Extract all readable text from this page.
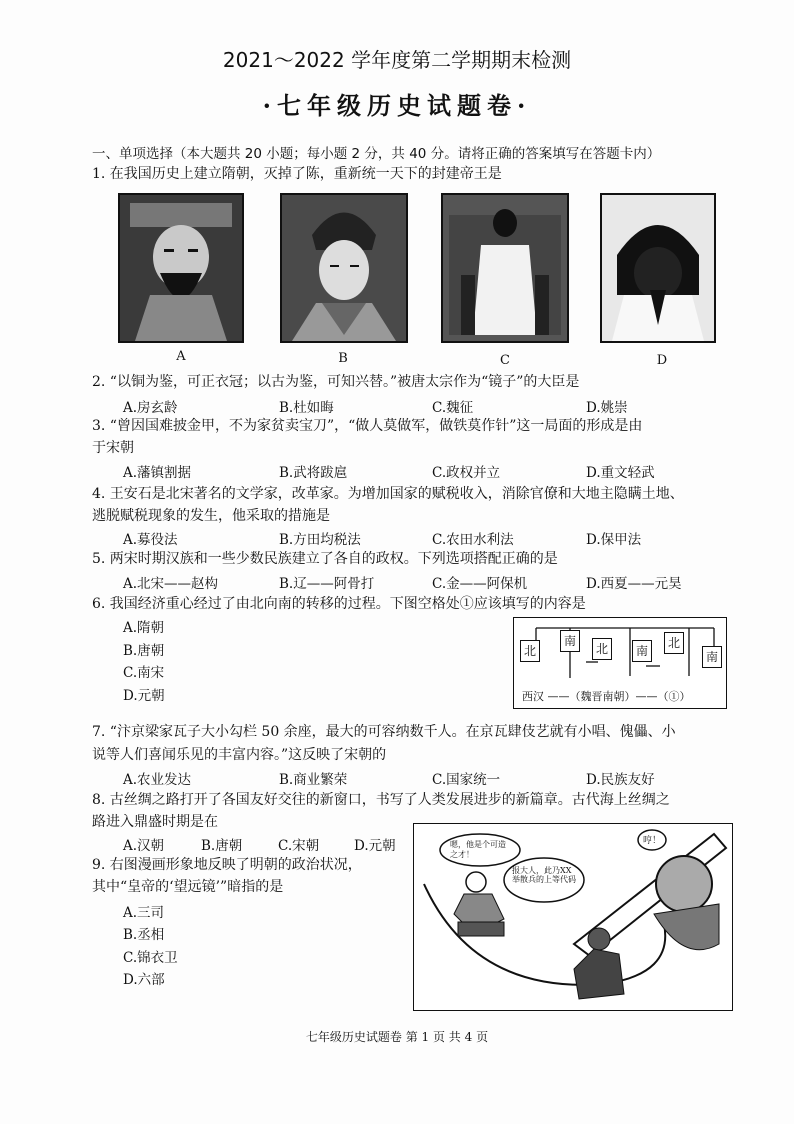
2021～2022 学年度第二学期期末检测
·七年级历史试题卷·
一、单项选择（本大题共 20 小题；每小题 2 分，共 40 分。请将正确的答案填写在答题卡内）
1. 在我国历史上建立隋朝，灭掉了陈，重新统一天下的封建帝王是
A	B	C	D
2. “以铜为鉴，可正衣冠；以古为鉴，可知兴替。”被唐太宗作为“镜子”的大臣是
A.房玄龄	B.杜如晦	C.魏征	D.姚崇
3. “曾因国难披金甲，不为家贫卖宝刀”，“做人莫做军，做铁莫作针”这一局面的形成是由
于宋朝
A.藩镇割据	B.武将跋扈	C.政权并立	D.重文轻武
4. 王安石是北宋著名的文学家，改革家。为增加国家的赋税收入，消除官僚和大地主隐瞒土地、
逃脱赋税现象的发生，他采取的措施是
A.募役法	B.方田均税法	C.农田水利法	D.保甲法
5. 两宋时期汉族和一些少数民族建立了各自的政权。下列选项搭配正确的是
A.北宋——赵构	B.辽——阿骨打	C.金——阿保机	D.西夏——元昊
6. 我国经济重心经过了由北向南的转移的过程。下图空格处①应该填写的内容是
A.隋朝
B.唐朝
C.南宋
D.元朝
北
南
北	南
北
南
西汉 ——（魏晋南朝）——（①）
7. “汴京梁家瓦子大小勾栏 50 余座，最大的可容纳数千人。在京瓦肆伎艺就有小唱、傀儡、小
说等人们喜闻乐见的丰富内容。”这反映了宋朝的
A.农业发达	B.商业繁荣	C.国家统一	D.民族友好
8. 古丝绸之路打开了各国友好交往的新窗口，书写了人类发展进步的新篇章。古代海上丝绸之
路进入鼎盛时期是在
A.汉朝	B.唐朝	C.宋朝	D.元朝
9. 右图漫画形象地反映了明朝的政治状况，
其中“皇帝的‘望远镜’”暗指的是
A.三司
B.丞相
C.锦衣卫
D.六部
嗯，他是个可造之才！
报大人，此乃XX举散兵的上等代码
哼！
七年级历史试题卷 第 1 页 共 4 页
